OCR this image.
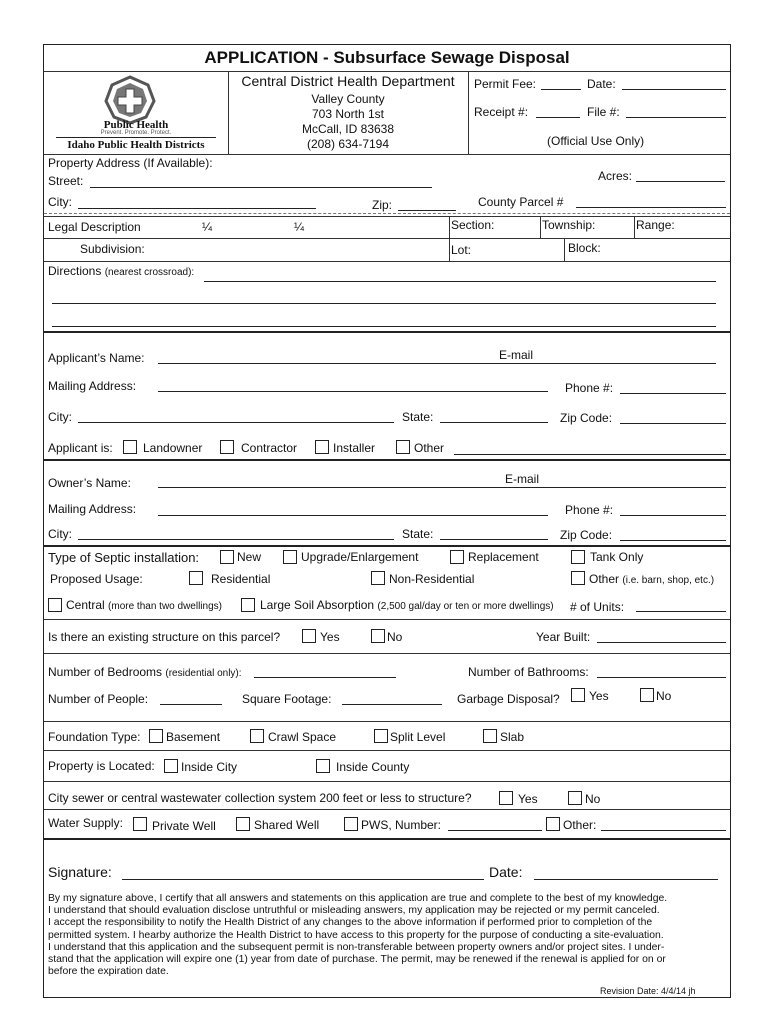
APPLICATION - Subsurface Sewage Disposal
Public Health
Prevent. Promote. Protect.
Idaho Public Health Districts
Central District Health Department
Valley County
703 North 1st
McCall, ID 83638
(208) 634-7194
Permit Fee:	Date:
Receipt #:	File #:
(Official Use Only)
Property Address (If Available):
Street:	Acres:
City:	Zip:	County Parcel #
Legal Description	¼	¼	Section:	Township:	Range:
Subdivision:	Lot:	Block:
Directions (nearest crossroad):
Applicant’s Name:	E-mail
Mailing Address:	Phone #:
City:	State:	Zip Code:
Applicant is:	Landowner	Contractor	Installer	Other
Owner’s Name:	E-mail
Mailing Address:	Phone #:
City:	State:	Zip Code:
Type of Septic installation:	New	Upgrade/Enlargement	Replacement	Tank Only
Proposed Usage:	Residential	Non-Residential	Other (i.e. barn, shop, etc.)
Central (more than two dwellings)	Large Soil Absorption (2,500 gal/day or ten or more dwellings) # of Units:
Is there an existing structure on this parcel?	Yes	No	Year Built:
Number of Bedrooms (residential only):	Number of Bathrooms:
Number of People:	Square Footage:	Garbage Disposal? Yes	No
Foundation Type: Basement	Crawl Space	Split Level	Slab
Property is Located: Inside City	Inside County
City sewer or central wastewater collection system 200 feet or less to structure?	Yes	No
Water Supply: Private Well	Shared Well	PWS, Number:	Other:
Signature:	Date:
By my signature above, I certify that all answers and statements on this application are true and complete to the best of my knowledge.
I understand that should evaluation disclose untruthful or misleading answers, my application may be rejected or my permit canceled.
I accept the responsibility to notify the Health District of any changes to the above information if performed prior to completion of the
permitted system. I hearby authorize the Health District to have access to this property for the purpose of conducting a site-evaluation.
I understand that this application and the subsequent permit is non-transferable between property owners and/or project sites. I under-
stand that the application will expire one (1) year from date of purchase. The permit, may be renewed if the renewal is applied for on or
before the expiration date.
Revision Date: 4/4/14 jh
